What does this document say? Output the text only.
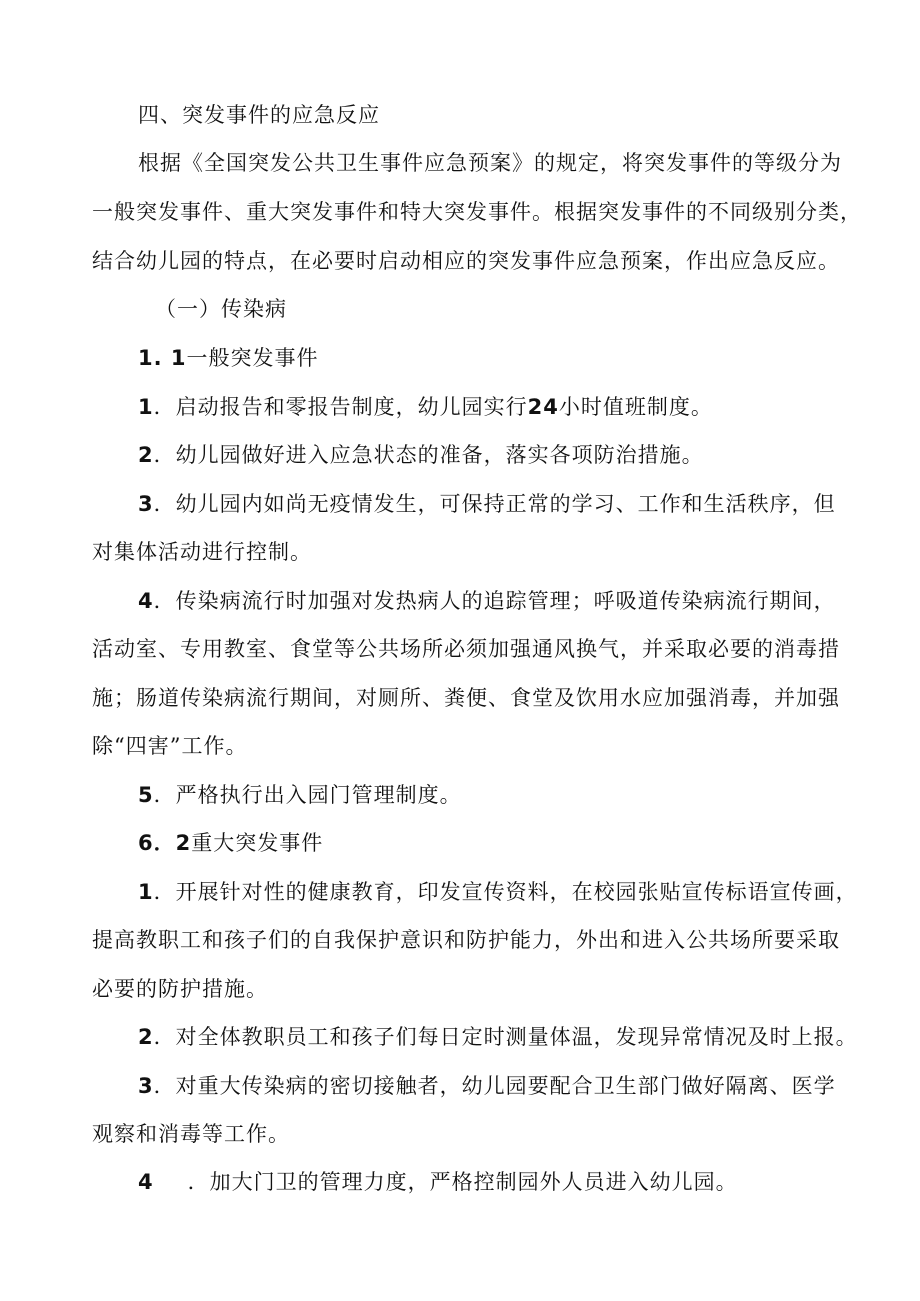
四、突发事件的应急反应
根据《全国突发公共卫生事件应急预案》的规定，将突发事件的等级分为
一般突发事件、重大突发事件和特大突发事件。根据突发事件的不同级别分类，
结合幼儿园的特点，在必要时启动相应的突发事件应急预案，作出应急反应。
（一）传染病
1. 1一般突发事件
1．启动报告和零报告制度，幼儿园实行24小时值班制度。
2．幼儿园做好进入应急状态的准备，落实各项防治措施。
3．幼儿园内如尚无疫情发生，可保持正常的学习、工作和生活秩序，但
对集体活动进行控制。
4．传染病流行时加强对发热病人的追踪管理；呼吸道传染病流行期间，
活动室、专用教室、食堂等公共场所必须加强通风换气，并采取必要的消毒措
施；肠道传染病流行期间，对厕所、粪便、食堂及饮用水应加强消毒，并加强
除“四害”工作。
5．严格执行出入园门管理制度。
6．2重大突发事件
1．开展针对性的健康教育，印发宣传资料，在校园张贴宣传标语宣传画，
提高教职工和孩子们的自我保护意识和防护能力，外出和进入公共场所要采取
必要的防护措施。
2．对全体教职员工和孩子们每日定时测量体温，发现异常情况及时上报。
3．对重大传染病的密切接触者，幼儿园要配合卫生部门做好隔离、医学
观察和消毒等工作。
4 ．加大门卫的管理力度，严格控制园外人员进入幼儿园。
